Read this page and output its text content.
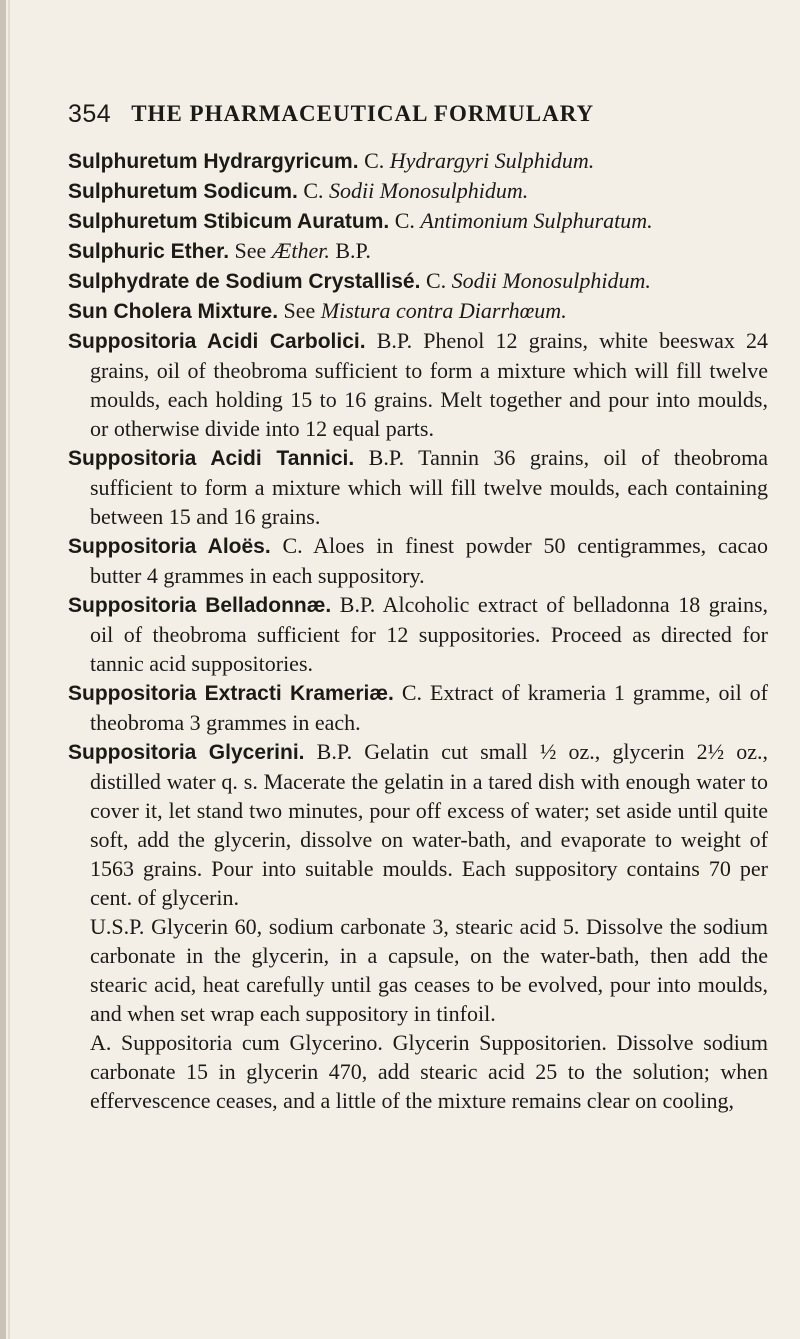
354 THE PHARMACEUTICAL FORMULARY

Sulphuretum Hydrargyricum. C. Hydrargyri Sulphidum.

Sulphuretum Sodicum. C. Sodii Monosulphidum.

Sulphuretum Stibicum Auratum. C. Antimonium Sulphuratum.

Sulphuric Ether. See Æther. B.P.

Sulphydrate de Sodium Crystallisé. C. Sodii Monosulphidum.

Sun Cholera Mixture. See Mistura contra Diarrhœum.

Suppositoria Acidi Carbolici. B.P. Phenol 12 grains, white beeswax 24 grains, oil of theobroma sufficient to form a mixture which will fill twelve moulds, each holding 15 to 16 grains. Melt together and pour into moulds, or otherwise divide into 12 equal parts.

Suppositoria Acidi Tannici. B.P. Tannin 36 grains, oil of theobroma sufficient to form a mixture which will fill twelve moulds, each containing between 15 and 16 grains.

Suppositoria Aloës. C. Aloes in finest powder 50 centigrammes, cacao butter 4 grammes in each suppository.

Suppositoria Belladonnæ. B.P. Alcoholic extract of belladonna 18 grains, oil of theobroma sufficient for 12 suppositories. Proceed as directed for tannic acid suppositories.

Suppositoria Extracti Krameriæ. C. Extract of krameria 1 gramme, oil of theobroma 3 grammes in each.

Suppositoria Glycerini. B.P. Gelatin cut small ½ oz., glycerin 2½ oz., distilled water q. s. Macerate the gelatin in a tared dish with enough water to cover it, let stand two minutes, pour off excess of water; set aside until quite soft, add the glycerin, dissolve on water-bath, and evaporate to weight of 1563 grains. Pour into suitable moulds. Each suppository contains 70 per cent. of glycerin.

U.S.P. Glycerin 60, sodium carbonate 3, stearic acid 5. Dissolve the sodium carbonate in the glycerin, in a capsule, on the water-bath, then add the stearic acid, heat carefully until gas ceases to be evolved, pour into moulds, and when set wrap each suppository in tinfoil.

A. Suppositoria cum Glycerino. Glycerin Suppositorien. Dissolve sodium carbonate 15 in glycerin 470, add stearic acid 25 to the solution; when effervescence ceases, and a little of the mixture remains clear on cooling,
